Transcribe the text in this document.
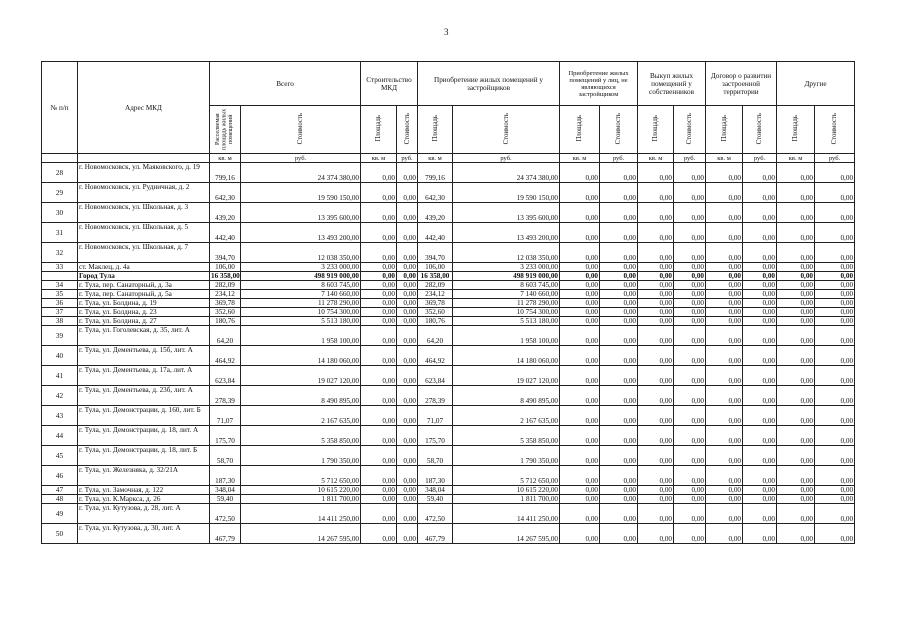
3
№ п/п	Адрес МКД	Всего		Строительство МКД		Приобретение жилых помещений у застройщиков		Приобретение жилых помещений у лиц, не являющихся застройщиком		Выкуп жилых помещений у собственников		Договор о развитии застроенной территории		Другие	
		Расселяемая площадь жилых помещений	Стоимость	Площадь	Стоимость	Площадь	Стоимость	Площадь	Стоимость	Площадь	Стоимость	Площадь	Стоимость	Площадь	Стоимость
		кв. м	руб.	кв. м	руб.	кв. м	руб.	кв. м	руб.	кв. м	руб.	кв. м	руб.	кв. м	руб.
28	г. Новомосковск, ул. Маяковского, д. 19	799,16	24 374 380,00	0,00	0,00	799,16	24 374 380,00	0,00	0,00	0,00	0,00	0,00	0,00	0,00	0,00
29	г. Новомосковск, ул. Рудничная, д. 2	642,30	19 590 150,00	0,00	0,00	642,30	19 590 150,00	0,00	0,00	0,00	0,00	0,00	0,00	0,00	0,00
30	г. Новомосковск, ул. Школьная, д. 3	439,20	13 395 600,00	0,00	0,00	439,20	13 395 600,00	0,00	0,00	0,00	0,00	0,00	0,00	0,00	0,00
31	г. Новомосковск, ул. Школьная, д. 5	442,40	13 493 200,00	0,00	0,00	442,40	13 493 200,00	0,00	0,00	0,00	0,00	0,00	0,00	0,00	0,00
32	г. Новомосковск, ул. Школьная, д. 7	394,70	12 038 350,00	0,00	0,00	394,70	12 038 350,00	0,00	0,00	0,00	0,00	0,00	0,00	0,00	0,00
33	ст. Маклец, д. 4а	106,00	3 233 000,00	0,00	0,00	106,00	3 233 000,00	0,00	0,00	0,00	0,00	0,00	0,00	0,00	0,00
	Город Тула	16 358,00	498 919 000,00	0,00	0,00	16 358,00	498 919 000,00	0,00	0,00	0,00	0,00	0,00	0,00	0,00	0,00
34	г. Тула, пер. Санаторный, д. 3а	282,09	8 603 745,00	0,00	0,00	282,09	8 603 745,00	0,00	0,00	0,00	0,00	0,00	0,00	0,00	0,00
35	г. Тула, пер. Санаторный, д. 5а	234,12	7 140 660,00	0,00	0,00	234,12	7 140 660,00	0,00	0,00	0,00	0,00	0,00	0,00	0,00	0,00
36	г. Тула, ул. Болдина, д. 19	369,78	11 278 290,00	0,00	0,00	369,78	11 278 290,00	0,00	0,00	0,00	0,00	0,00	0,00	0,00	0,00
37	г. Тула, ул. Болдина, д. 23	352,60	10 754 300,00	0,00	0,00	352,60	10 754 300,00	0,00	0,00	0,00	0,00	0,00	0,00	0,00	0,00
38	г. Тула, ул. Болдина, д. 27	180,76	5 513 180,00	0,00	0,00	180,76	5 513 180,00	0,00	0,00	0,00	0,00	0,00	0,00	0,00	0,00
39	г. Тула, ул. Гоголевская, д. 35, лит. А	64,20	1 958 100,00	0,00	0,00	64,20	1 958 100,00	0,00	0,00	0,00	0,00	0,00	0,00	0,00	0,00
40	г. Тула, ул. Дементьева, д. 15б, лит. А	464,92	14 180 060,00	0,00	0,00	464,92	14 180 060,00	0,00	0,00	0,00	0,00	0,00	0,00	0,00	0,00
41	г. Тула, ул. Дементьева, д. 17а, лит. А	623,84	19 027 120,00	0,00	0,00	623,84	19 027 120,00	0,00	0,00	0,00	0,00	0,00	0,00	0,00	0,00
42	г. Тула, ул. Дементьева, д. 23б, лит. А	278,39	8 490 895,00	0,00	0,00	278,39	8 490 895,00	0,00	0,00	0,00	0,00	0,00	0,00	0,00	0,00
43	г. Тула, ул. Демонстрации, д. 160, лит. Б	71,07	2 167 635,00	0,00	0,00	71,07	2 167 635,00	0,00	0,00	0,00	0,00	0,00	0,00	0,00	0,00
44	г. Тула, ул. Демонстрации, д. 18, лит. А	175,70	5 358 850,00	0,00	0,00	175,70	5 358 850,00	0,00	0,00	0,00	0,00	0,00	0,00	0,00	0,00
45	г. Тула, ул. Демонстрации, д. 18, лит. Б	58,70	1 790 350,00	0,00	0,00	58,70	1 790 350,00	0,00	0,00	0,00	0,00	0,00	0,00	0,00	0,00
46	г. Тула, ул. Железнякa, д. 32/21А	187,30	5 712 650,00	0,00	0,00	187,30	5 712 650,00	0,00	0,00	0,00	0,00	0,00	0,00	0,00	0,00
47	г. Тула, ул. Замочная, д. 122	348,04	10 615 220,00	0,00	0,00	348,04	10 615 220,00	0,00	0,00	0,00	0,00	0,00	0,00	0,00	0,00
48	г. Тула, ул. К.Маркса, д. 26	59,40	1 811 700,00	0,00	0,00	59,40	1 811 700,00	0,00	0,00	0,00	0,00	0,00	0,00	0,00	0,00
49	г. Тула, ул. Кутузова, д. 28, лит. А	472,50	14 411 250,00	0,00	0,00	472,50	14 411 250,00	0,00	0,00	0,00	0,00	0,00	0,00	0,00	0,00
50	г. Тула, ул. Кутузова, д. 30, лит. А	467,79	14 267 595,00	0,00	0,00	467,79	14 267 595,00	0,00	0,00	0,00	0,00	0,00	0,00	0,00	0,00
